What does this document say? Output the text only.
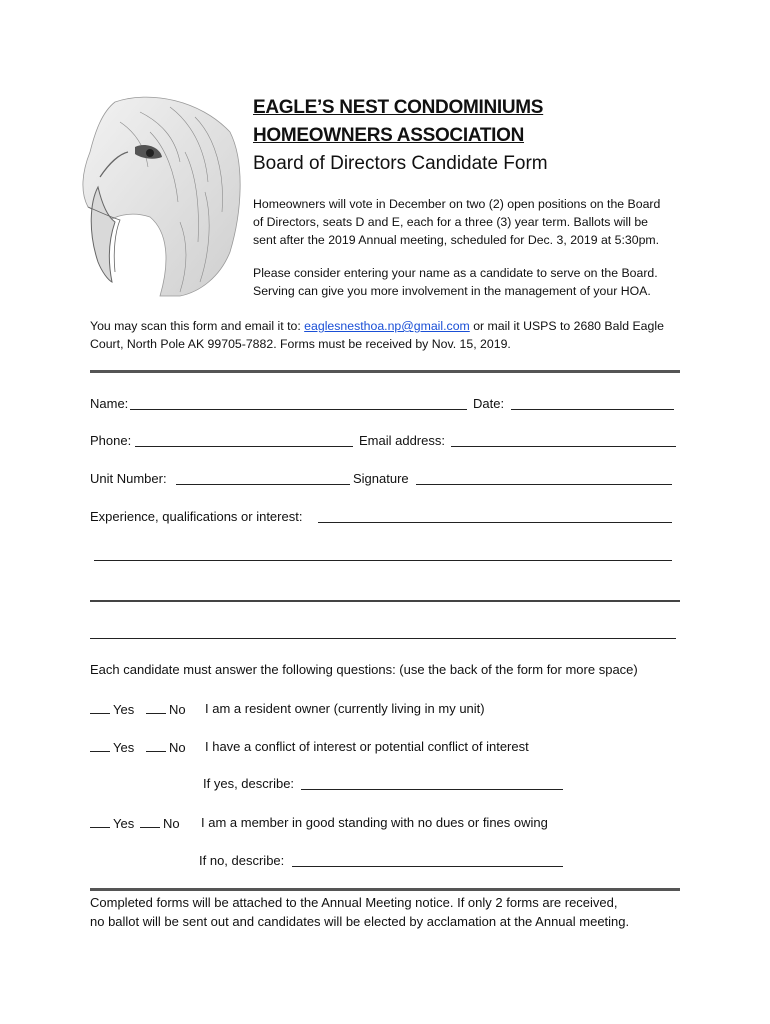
EAGLE’S NEST CONDOMINIUMS
HOMEOWNERS ASSOCIATION
Board of Directors Candidate Form
Homeowners will vote in December on two (2) open positions on the Board
of Directors, seats D and E, each for a three (3) year term. Ballots will be
sent after the 2019 Annual meeting, scheduled for Dec. 3, 2019 at 5:30pm.
Please consider entering your name as a candidate to serve on the Board.
Serving can give you more involvement in the management of your HOA.
You may scan this form and email it to: eaglesnesthoa.np@gmail.com or mail it USPS to 2680 Bald Eagle
Court, North Pole AK 99705-7882. Forms must be received by Nov. 15, 2019.
Name:	Date:
Phone:	Email address:
Unit Number:	Signature
Experience, qualifications or interest:
Each candidate must answer the following questions: (use the back of the form for more space)
Yes	No I am a resident owner (currently living in my unit)
Yes	No I have a conflict of interest or potential conflict of interest
If yes, describe:
Yes	No I am a member in good standing with no dues or fines owing
If no, describe:
Completed forms will be attached to the Annual Meeting notice. If only 2 forms are received,
no ballot will be sent out and candidates will be elected by acclamation at the Annual meeting.
